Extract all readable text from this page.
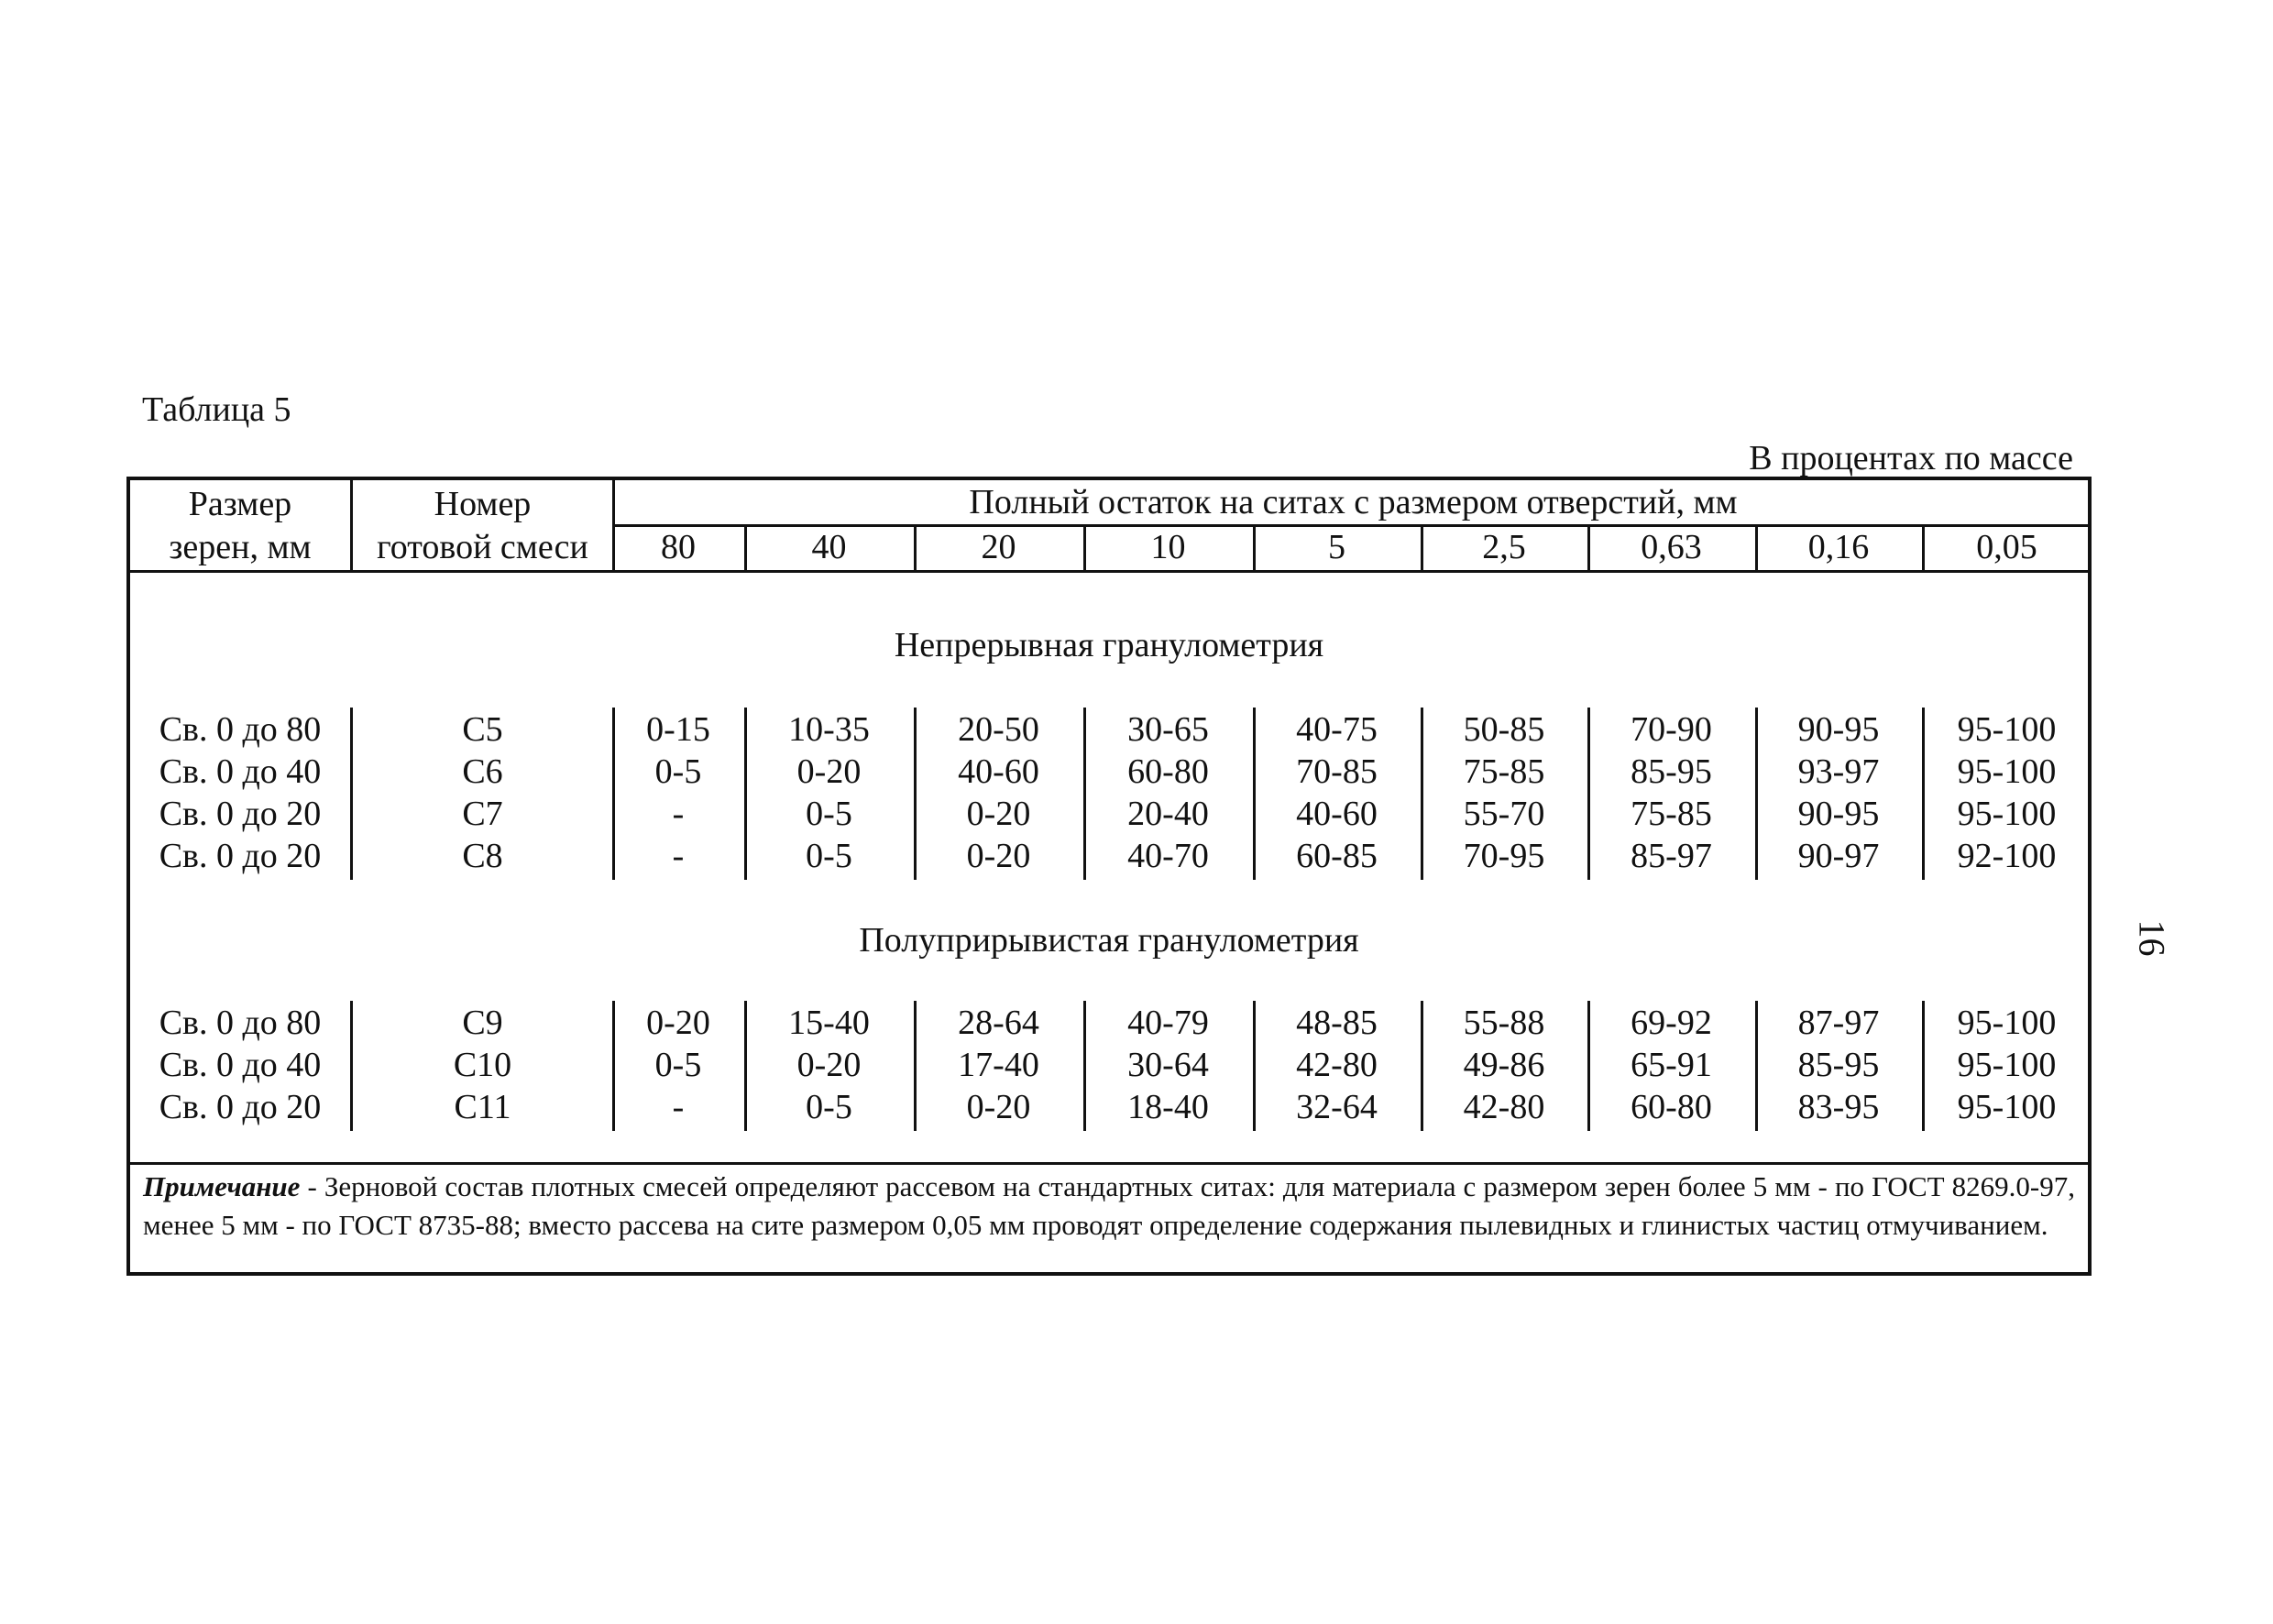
Таблица 5
В процентах по массе
16
Размер
зерен, мм
Номер
готовой смеси
Полный остаток на ситах с размером отверстий, мм
80	40	20	10	5	2,5	0,63	0,16	0,05
Непрерывная гранулометрия
Св. 0 до 80	С5	0-15	10-35	20-50	30-65	40-75	50-85	70-90	90-95	95-100
Св. 0 до 40	С6	0-5	0-20	40-60	60-80	70-85	75-85	85-95	93-97	95-100
Св. 0 до 20	С7	-	0-5	0-20	20-40	40-60	55-70	75-85	90-95	95-100
Св. 0 до 20	С8	-	0-5	0-20	40-70	60-85	70-95	85-97	90-97	92-100
Полуприрывистая гранулометрия
Св. 0 до 80	С9	0-20	15-40	28-64	40-79	48-85	55-88	69-92	87-97	95-100
Св. 0 до 40	С10	0-5	0-20	17-40	30-64	42-80	49-86	65-91	85-95	95-100
Св. 0 до 20	С11	-	0-5	0-20	18-40	32-64	42-80	60-80	83-95	95-100
Примечание - Зерновой состав плотных смесей определяют рассевом на стандартных ситах: для материала с размером зерен более 5 мм - по ГОСТ 8269.0-97, менее 5 мм - по ГОСТ 8735-88; вместо рассева на сите размером 0,05 мм проводят определение содержания пылевидных и глинистых частиц отмучиванием.
